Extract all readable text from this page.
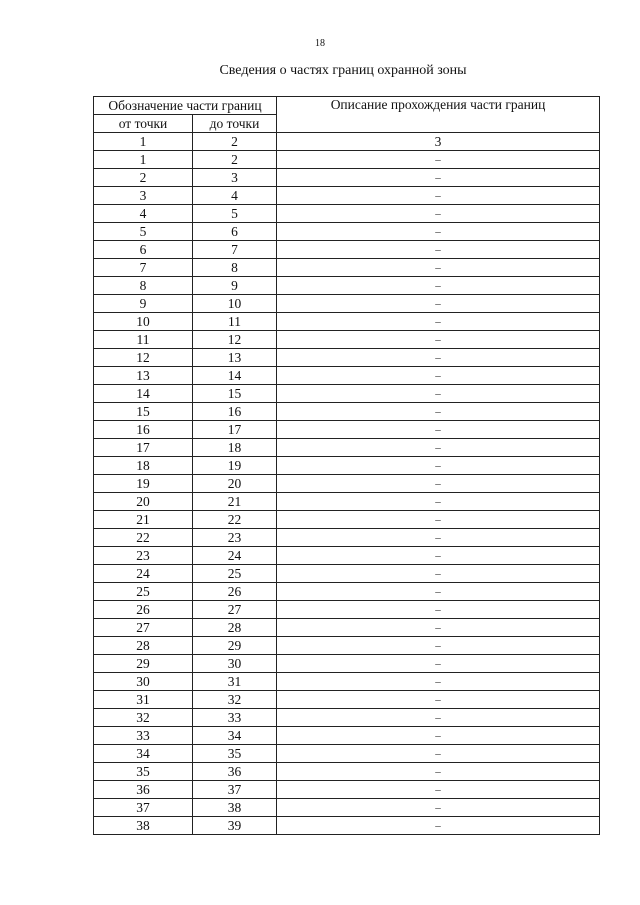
18
Сведения о частях границ охранной зоны
Обозначение части границ		Описание прохождения части границ
от точки	до точки	
1	2	3
1	2	–
2	3	–
3	4	–
4	5	–
5	6	–
6	7	–
7	8	–
8	9	–
9	10	–
10	11	–
11	12	–
12	13	–
13	14	–
14	15	–
15	16	–
16	17	–
17	18	–
18	19	–
19	20	–
20	21	–
21	22	–
22	23	–
23	24	–
24	25	–
25	26	–
26	27	–
27	28	–
28	29	–
29	30	–
30	31	–
31	32	–
32	33	–
33	34	–
34	35	–
35	36	–
36	37	–
37	38	–
38	39	–
